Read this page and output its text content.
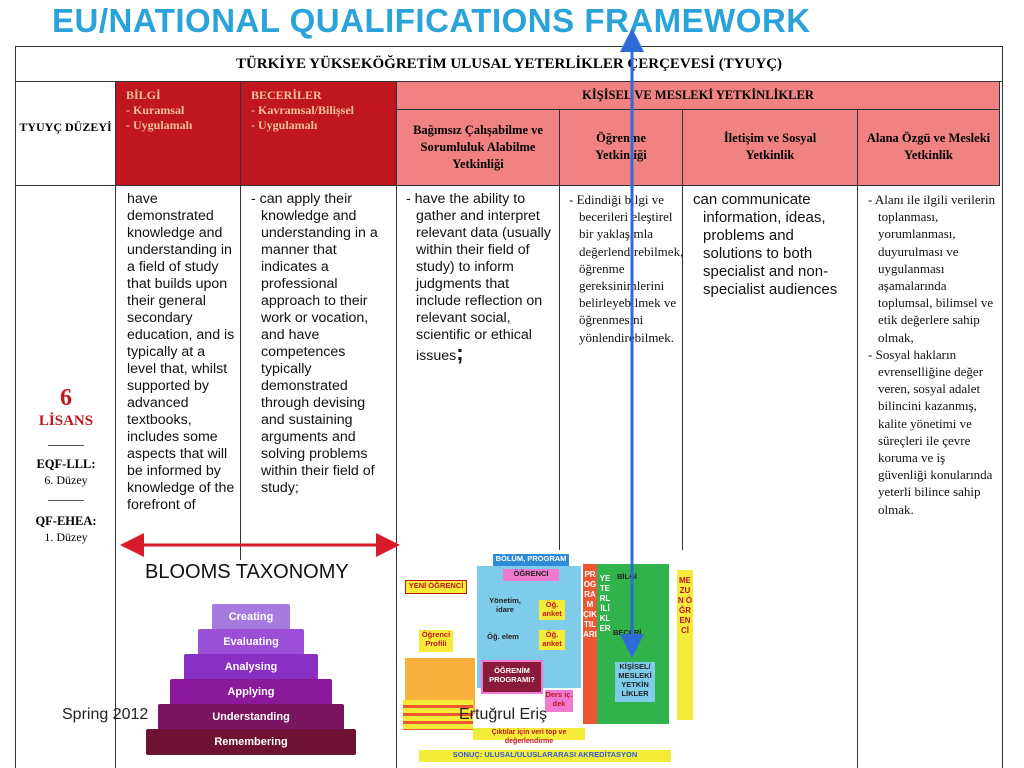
EU/NATIONAL QUALIFICATIONS FRAMEWORK
TÜRKİYE YÜKSEKÖĞRETİM ULUSAL YETERLİKLER ÇERÇEVESİ (TYUYÇ)
TYUYÇ DÜZEYİ
BİLGİ
- Kuramsal
- Uygulamalı
BECERİLER
- Kavramsal/Bilişsel
- Uygulamalı
KİŞİSEL VE MESLEKİ YETKİNLİKLER
Bağımsız Çalışabilme ve Sorumluluk Alabilme Yetkinliği
Öğrenme Yetkinliği
İletişim ve Sosyal Yetkinlik
Alana Özgü ve Mesleki Yetkinlik
6
LİSANS
EQF-LLL:
6. Düzey
QF-EHEA:
1. Düzey
have demonstrated knowledge and understanding in a field of study that builds upon their general secondary education, and is typically at a level that, whilst supported by advanced textbooks, includes some aspects that will be informed by knowledge of the forefront of
- can apply their knowledge and understanding in a manner that indicates a professional approach to their work or vocation, and have competences typically demonstrated through devising and sustaining arguments and solving problems within their field of study;
- have the ability to gather and interpret relevant data (usually within their field of study) to inform judgments that include reflection on relevant social, scientific or ethical issues;
- Edindiği bilgi ve becerileri eleştirel bir yaklaşımla değerlendirebilmek, öğrenme gereksinimlerini belirleyebilmek ve öğrenmesini yönlendirebilmek.
can communicate information, ideas, problems and solutions to both specialist and non-specialist audiences
- Alanı ile ilgili verilerin toplanması, yorumlanması, duyurulması ve uygulanması aşamalarında toplumsal, bilimsel ve etik değerlere sahip olmak,
- Sosyal hakların evrenselliğine değer veren, sosyal adalet bilincini kazanmış, kalite yönetimi ve süreçleri ile çevre koruma ve iş güvenliği konularında yeterli bilince sahip olmak.
BLOOMS TAXONOMY
Creating
Evaluating
Analysing
Applying
Understanding
Remembering
Spring 2012
BÖLÜM, PROGRAM
ÖĞRENCİ
YENİ ÖĞRENCİ
Yönetim, idare
Öğ. anket
Öğrenci Profili
Öğ. elem	Öğ. anket
ÖĞRENİM PROGRAMI?
Ders iç. dek
Çıktılar için veri top ve değerlendirme
PROGRAM ÇIKTILARI
YETERLİLİKLER
BİLGİ
BECERİ
KİŞİSEL/ MESLEKİ YETKİN LİKLER
MEZUN ÖĞRENCİ
SONUÇ: ULUSAL/ULUSLARARASI AKREDİTASYON
Ertuğrul Eriş
